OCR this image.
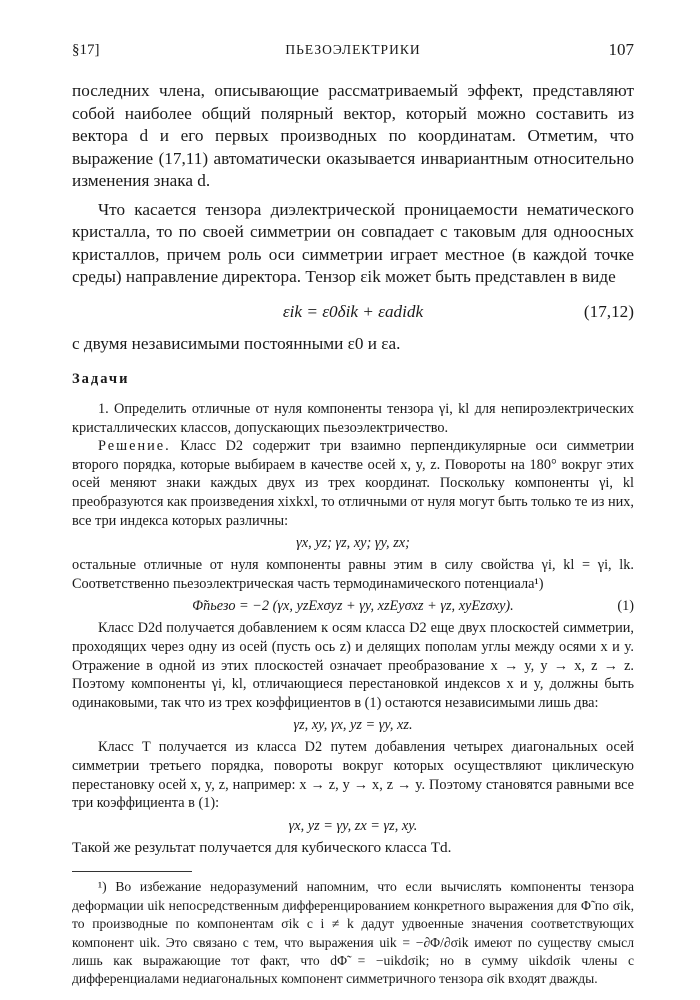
§17]	ПЬЕЗОЭЛЕКТРИКИ	107

последних члена, описывающие рассматриваемый эффект, представляют собой наиболее общий полярный вектор, который можно составить из вектора d и его первых производных по координатам. Отметим, что выражение (17,11) автоматически оказывается инвариантным относительно изменения знака d.

Что касается тензора диэлектрической проницаемости нематического кристалла, то по своей симметрии он совпадает с таковым для одноосных кристаллов, причем роль оси симметрии играет местное (в каждой точке среды) направление директора. Тензор εik может быть представлен в виде

εik = ε0δik + εadidk	(17,12)

с двумя независимыми постоянными ε0 и εa.

Задачи

1. Определить отличные от нуля компоненты тензора γi, kl для непироэлектрических кристаллических классов, допускающих пьезоэлектричество.

Решение. Класс D2 содержит три взаимно перпендикулярные оси симметрии второго порядка, которые выбираем в качестве осей x, y, z. Повороты на 180° вокруг этих осей меняют знаки каждых двух из трех координат. Поскольку компоненты γi, kl преобразуются как произведения xixkxl, то отличными от нуля могут быть только те из них, все три индекса которых различны:

γx, yz; γz, xy; γy, zx;

остальные отличные от нуля компоненты равны этим в силу свойства γi, kl = γi, lk. Соответственно пьезоэлектрическая часть термодинамического потенциала¹)

Φ̃пьезо = −2 (γx, yzExσyz + γy, xzEyσxz + γz, xyEzσxy).	(1)

Класс D2d получается добавлением к осям класса D2 еще двух плоскостей симметрии, проходящих через одну из осей (пусть ось z) и делящих пополам углы между осями x и y. Отражение в одной из этих плоскостей означает преобразование x → y, y → x, z → z. Поэтому компоненты γi, kl, отличающиеся перестановкой индексов x и y, должны быть одинаковыми, так что из трех коэффициентов в (1) остаются независимыми лишь два:

γz, xy, γx, yz = γy, xz.

Класс T получается из класса D2 путем добавления четырех диагональных осей симметрии третьего порядка, повороты вокруг которых осуществляют циклическую перестановку осей x, y, z, например: x → z, y → x, z → y. Поэтому становятся равными все три коэффициента в (1):

γx, yz = γy, zx = γz, xy.

Такой же результат получается для кубического класса Td.

¹) Во избежание недоразумений напомним, что если вычислять компоненты тензора деформации uik непосредственным дифференцированием конкретного выражения для Φ̃ по σik, то производные по компонентам σik с i ≠ k дадут удвоенные значения соответствующих компонент uik. Это связано с тем, что выражения uik = −∂Φ/∂σik имеют по существу смысл лишь как выражающие тот факт, что dΦ̃ = −uikdσik; но в сумму uikdσik члены с дифференциалами недиагональных компонент симметричного тензора σik входят дважды.
